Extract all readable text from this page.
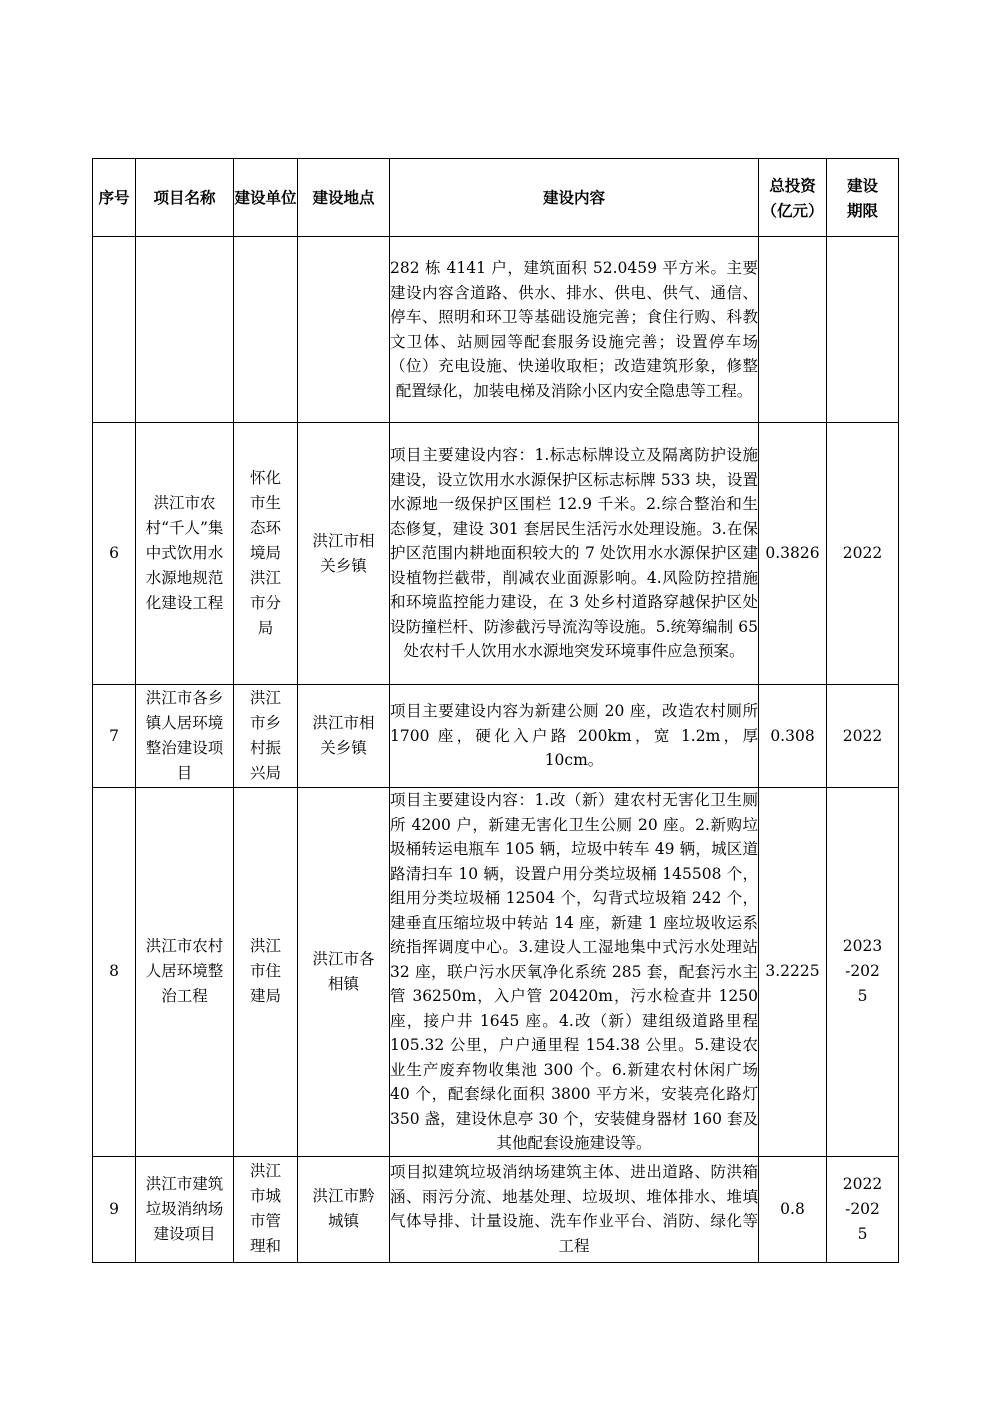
序号	项目名称	建设单位	建设地点	建设内容	总投资（亿元）	建设期限
				282 栋 4141 户，建筑面积 52.0459 平方米。主要建设内容含道路、供水、排水、供电、供气、通信、停车、照明和环卫等基础设施完善；食住行购、科教文卫体、站厕园等配套服务设施完善；设置停车场（位）充电设施、快递收取柜；改造建筑形象，修整配置绿化，加装电梯及消除小区内安全隐患等工程。		
6	洪江市农村“千人”集中式饮用水水源地规范化建设工程	怀化市生态环境局洪江市分局	洪江市相关乡镇	项目主要建设内容：1.标志标牌设立及隔离防护设施建设，设立饮用水水源保护区标志标牌 533 块，设置水源地一级保护区围栏 12.9 千米。2.综合整治和生态修复，建设 301 套居民生活污水处理设施。3.在保护区范围内耕地面积较大的 7 处饮用水水源保护区建设植物拦截带，削减农业面源影响。4.风险防控措施和环境监控能力建设，在 3 处乡村道路穿越保护区处设防撞栏杆、防渗截污导流沟等设施。5.统筹编制 65 处农村千人饮用水水源地突发环境事件应急预案。	0.3826	2022
7	洪江市各乡镇人居环境整治建设项目	洪江市乡村振兴局	洪江市相关乡镇	项目主要建设内容为新建公厕 20 座，改造农村厕所 1700 座，硬化入户路 200km，宽 1.2m，厚 10cm。	0.308	2022
8	洪江市农村人居环境整治工程	洪江市住建局	洪江市各相镇	项目主要建设内容：1.改（新）建农村无害化卫生厕所 4200 户，新建无害化卫生公厕 20 座。2.新购垃圾桶转运电瓶车 105 辆，垃圾中转车 49 辆，城区道路清扫车 10 辆，设置户用分类垃圾桶 145508 个，组用分类垃圾桶 12504 个，勾背式垃圾箱 242 个，建垂直压缩垃圾中转站 14 座，新建 1 座垃圾收运系统指挥调度中心。3.建设人工湿地集中式污水处理站 32 座，联户污水厌氧净化系统 285 套，配套污水主管 36250m，入户管 20420m，污水检查井 1250 座，接户井 1645 座。4.改（新）建组级道路里程 105.32 公里，户户通里程 154.38 公里。5.建设农业生产废弃物收集池 300 个。6.新建农村休闲广场 40 个，配套绿化面积 3800 平方米，安装亮化路灯 350 盏，建设休息亭 30 个，安装健身器材 160 套及其他配套设施建设等。	3.2225	2023-2025
9	洪江市建筑垃圾消纳场建设项目	洪江市城市管理和	洪江市黔城镇	项目拟建筑垃圾消纳场建筑主体、进出道路、防洪箱涵、雨污分流、地基处理、垃圾坝、堆体排水、堆填气体导排、计量设施、洗车作业平台、消防、绿化等工程	0.8	2022-2025
